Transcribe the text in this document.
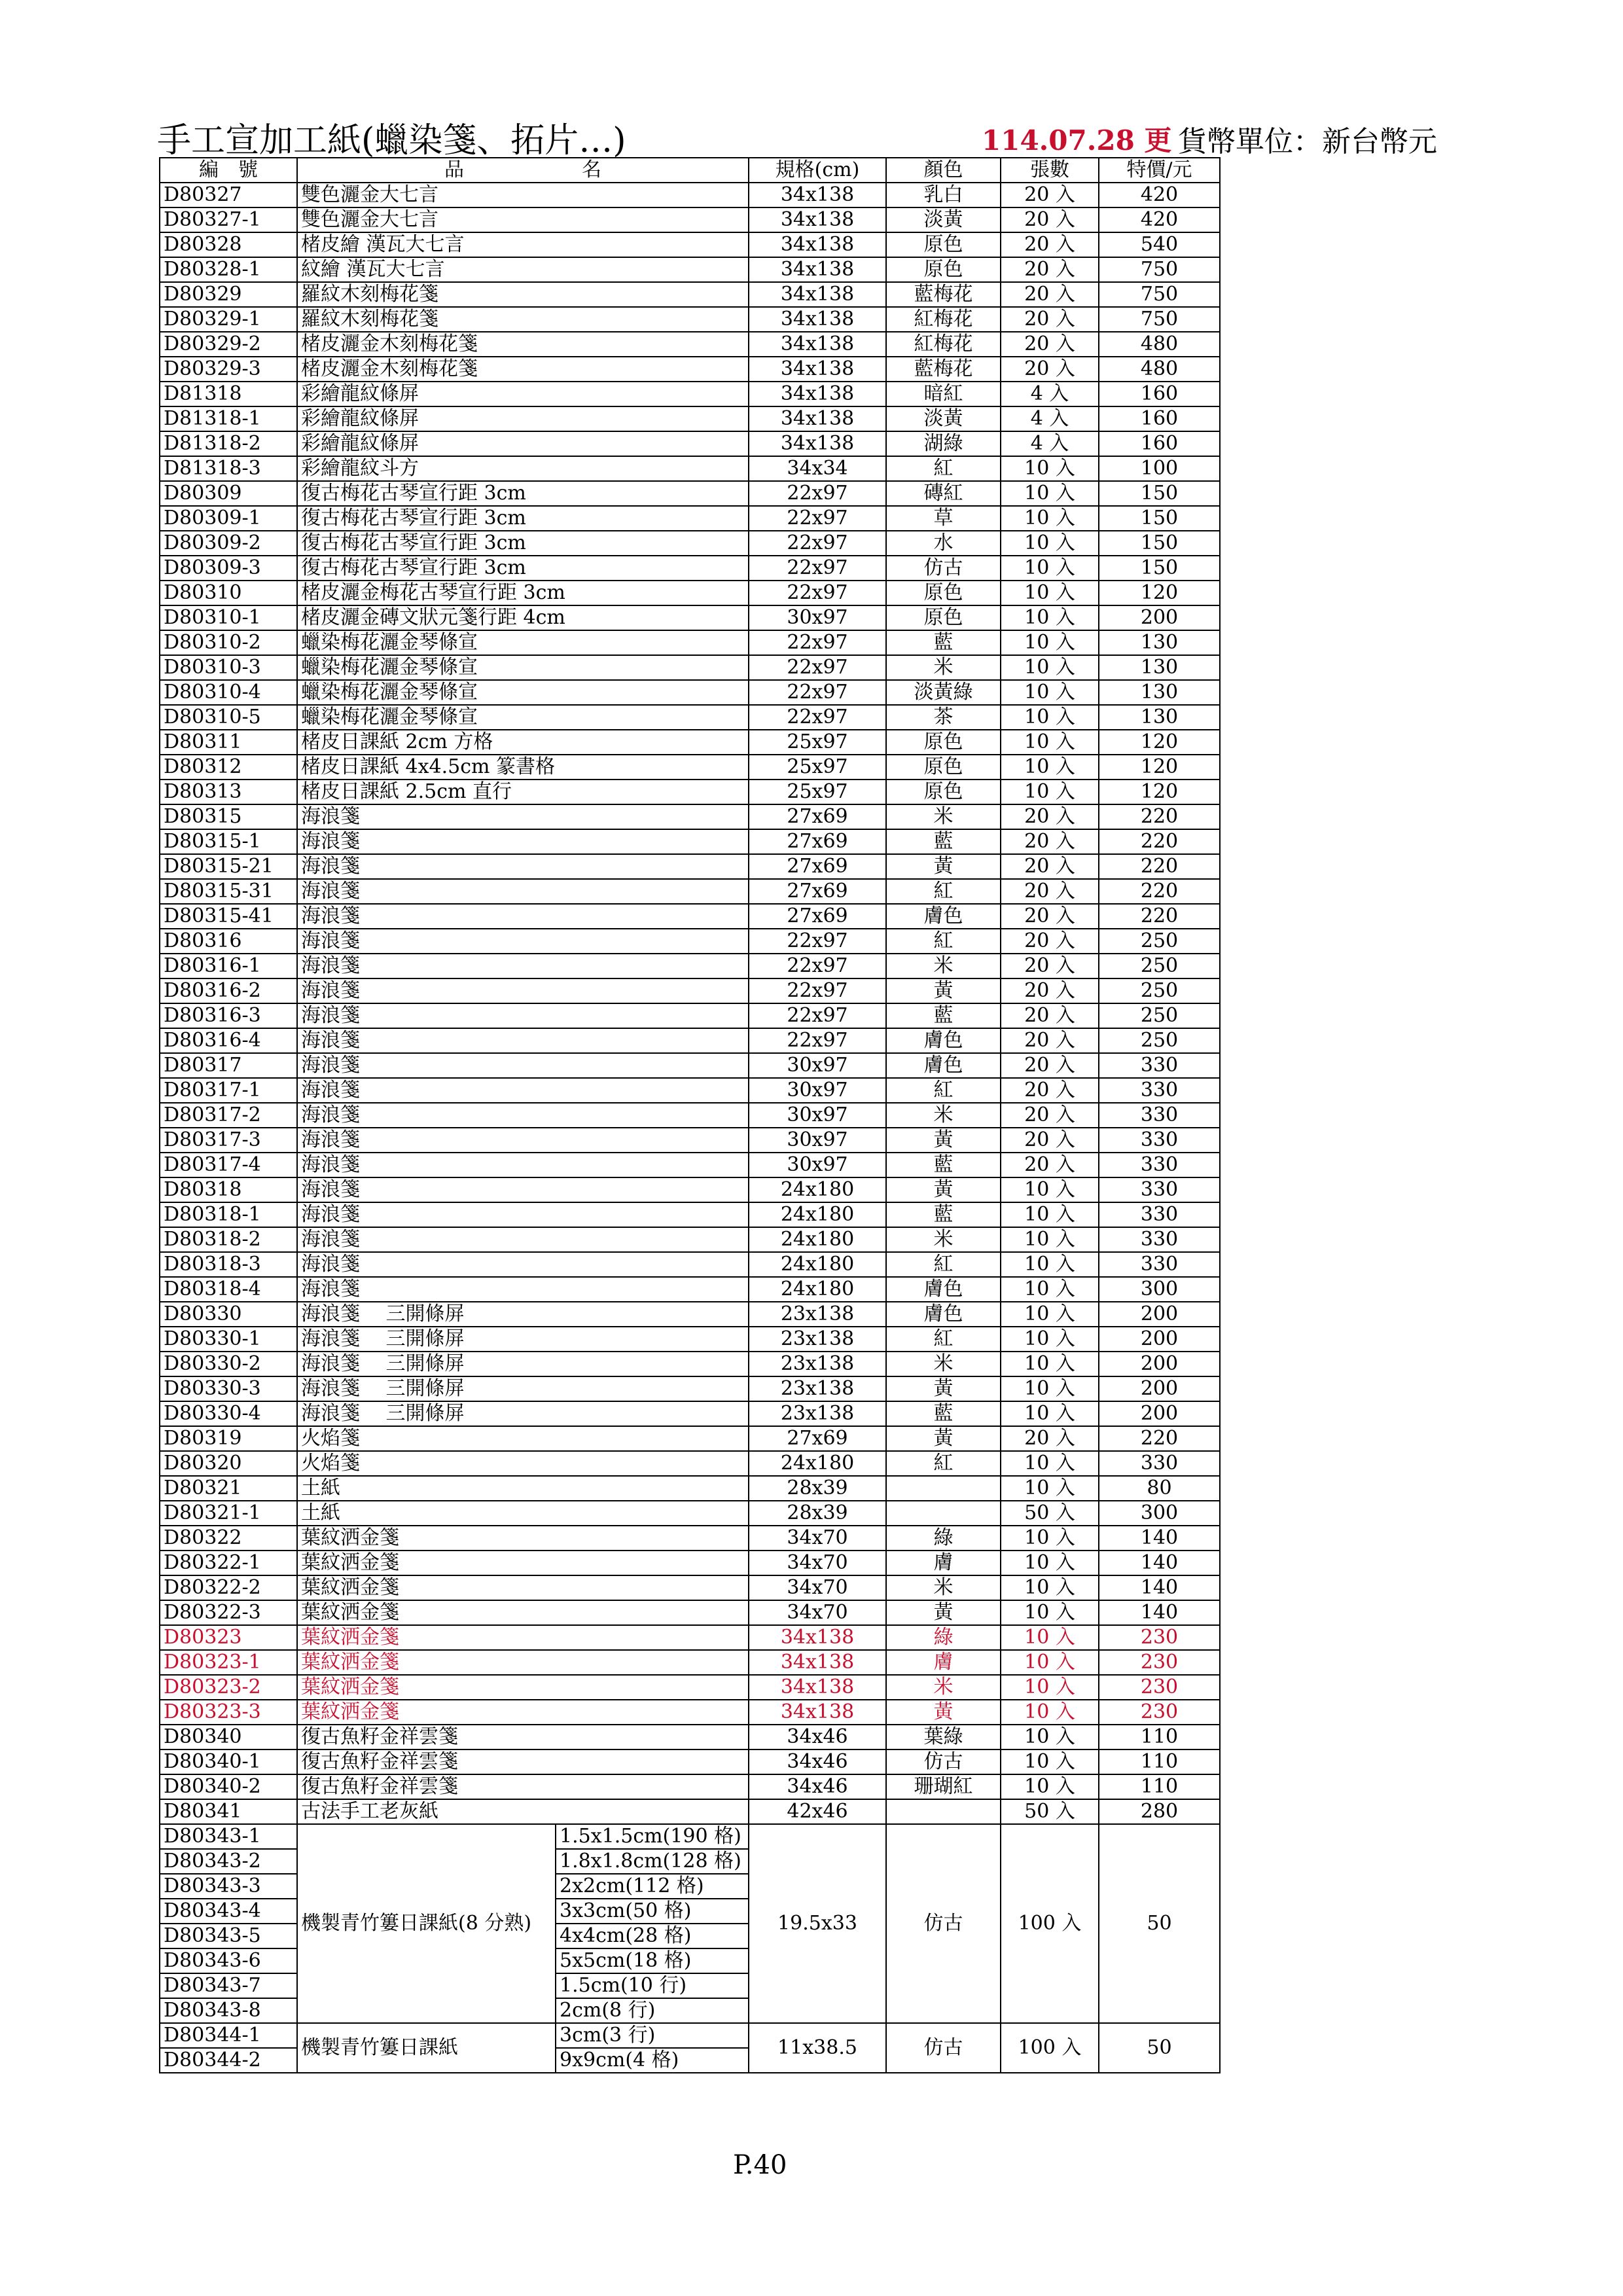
手工宣加工紙(蠟染箋、拓片…)	114.07.28 更 貨幣單位：新台幣元
編　號	品　　　　　　名		規格(cm)	顏色	張數	特價/元
D80327	雙色灑金大七言		34x138	乳白	20 入	420
D80327-1	雙色灑金大七言		34x138	淡黃	20 入	420
D80328	楮皮繪 漢瓦大七言		34x138	原色	20 入	540
D80328-1	紋繪 漢瓦大七言		34x138	原色	20 入	750
D80329	羅紋木刻梅花箋		34x138	藍梅花	20 入	750
D80329-1	羅紋木刻梅花箋		34x138	紅梅花	20 入	750
D80329-2	楮皮灑金木刻梅花箋		34x138	紅梅花	20 入	480
D80329-3	楮皮灑金木刻梅花箋		34x138	藍梅花	20 入	480
D81318	彩繪龍紋條屏		34x138	暗紅	4 入	160
D81318-1	彩繪龍紋條屏		34x138	淡黃	4 入	160
D81318-2	彩繪龍紋條屏		34x138	湖綠	4 入	160
D81318-3	彩繪龍紋斗方		34x34	紅	10 入	100
D80309	復古梅花古琴宣行距 3cm		22x97	磚紅	10 入	150
D80309-1	復古梅花古琴宣行距 3cm		22x97	草	10 入	150
D80309-2	復古梅花古琴宣行距 3cm		22x97	水	10 入	150
D80309-3	復古梅花古琴宣行距 3cm		22x97	仿古	10 入	150
D80310	楮皮灑金梅花古琴宣行距 3cm		22x97	原色	10 入	120
D80310-1	楮皮灑金磚文狀元箋行距 4cm		30x97	原色	10 入	200
D80310-2	蠟染梅花灑金琴條宣		22x97	藍	10 入	130
D80310-3	蠟染梅花灑金琴條宣		22x97	米	10 入	130
D80310-4	蠟染梅花灑金琴條宣		22x97	淡黃綠	10 入	130
D80310-5	蠟染梅花灑金琴條宣		22x97	茶	10 入	130
D80311	楮皮日課紙 2cm 方格		25x97	原色	10 入	120
D80312	楮皮日課紙 4x4.5cm 篆書格		25x97	原色	10 入	120
D80313	楮皮日課紙 2.5cm 直行		25x97	原色	10 入	120
D80315	海浪箋		27x69	米	20 入	220
D80315-1	海浪箋		27x69	藍	20 入	220
D80315-21	海浪箋		27x69	黃	20 入	220
D80315-31	海浪箋		27x69	紅	20 入	220
D80315-41	海浪箋		27x69	膚色	20 入	220
D80316	海浪箋		22x97	紅	20 入	250
D80316-1	海浪箋		22x97	米	20 入	250
D80316-2	海浪箋		22x97	黃	20 入	250
D80316-3	海浪箋		22x97	藍	20 入	250
D80316-4	海浪箋		22x97	膚色	20 入	250
D80317	海浪箋		30x97	膚色	20 入	330
D80317-1	海浪箋		30x97	紅	20 入	330
D80317-2	海浪箋		30x97	米	20 入	330
D80317-3	海浪箋		30x97	黃	20 入	330
D80317-4	海浪箋		30x97	藍	20 入	330
D80318	海浪箋		24x180	黃	10 入	330
D80318-1	海浪箋		24x180	藍	10 入	330
D80318-2	海浪箋		24x180	米	10 入	330
D80318-3	海浪箋		24x180	紅	10 入	330
D80318-4	海浪箋		24x180	膚色	10 入	300
D80330	海浪箋　 三開條屏		23x138	膚色	10 入	200
D80330-1	海浪箋　 三開條屏		23x138	紅	10 入	200
D80330-2	海浪箋　 三開條屏		23x138	米	10 入	200
D80330-3	海浪箋　 三開條屏		23x138	黃	10 入	200
D80330-4	海浪箋　 三開條屏		23x138	藍	10 入	200
D80319	火焰箋		27x69	黃	20 入	220
D80320	火焰箋		24x180	紅	10 入	330
D80321	土紙		28x39		10 入	80
D80321-1	土紙		28x39		50 入	300
D80322	葉紋洒金箋		34x70	綠	10 入	140
D80322-1	葉紋洒金箋		34x70	膚	10 入	140
D80322-2	葉紋洒金箋		34x70	米	10 入	140
D80322-3	葉紋洒金箋		34x70	黃	10 入	140
D80323	葉紋洒金箋		34x138	綠	10 入	230
D80323-1	葉紋洒金箋		34x138	膚	10 入	230
D80323-2	葉紋洒金箋		34x138	米	10 入	230
D80323-3	葉紋洒金箋		34x138	黃	10 入	230
D80340	復古魚籽金祥雲箋		34x46	葉綠	10 入	110
D80340-1	復古魚籽金祥雲箋		34x46	仿古	10 入	110
D80340-2	復古魚籽金祥雲箋		34x46	珊瑚紅	10 入	110
D80341	古法手工老灰紙		42x46		50 入	280
D80343-1	機製青竹簍日課紙(8 分熟)	1.5x1.5cm(190 格)	19.5x33	仿古	100 入	50
D80343-2		1.8x1.8cm(128 格)				
D80343-3		2x2cm(112 格)				
D80343-4		3x3cm(50 格)				
D80343-5		4x4cm(28 格)				
D80343-6		5x5cm(18 格)				
D80343-7		1.5cm(10 行)				
D80343-8		2cm(8 行)				
D80344-1	機製青竹簍日課紙	3cm(3 行)	11x38.5	仿古	100 入	50
D80344-2		9x9cm(4 格)				
P.40
